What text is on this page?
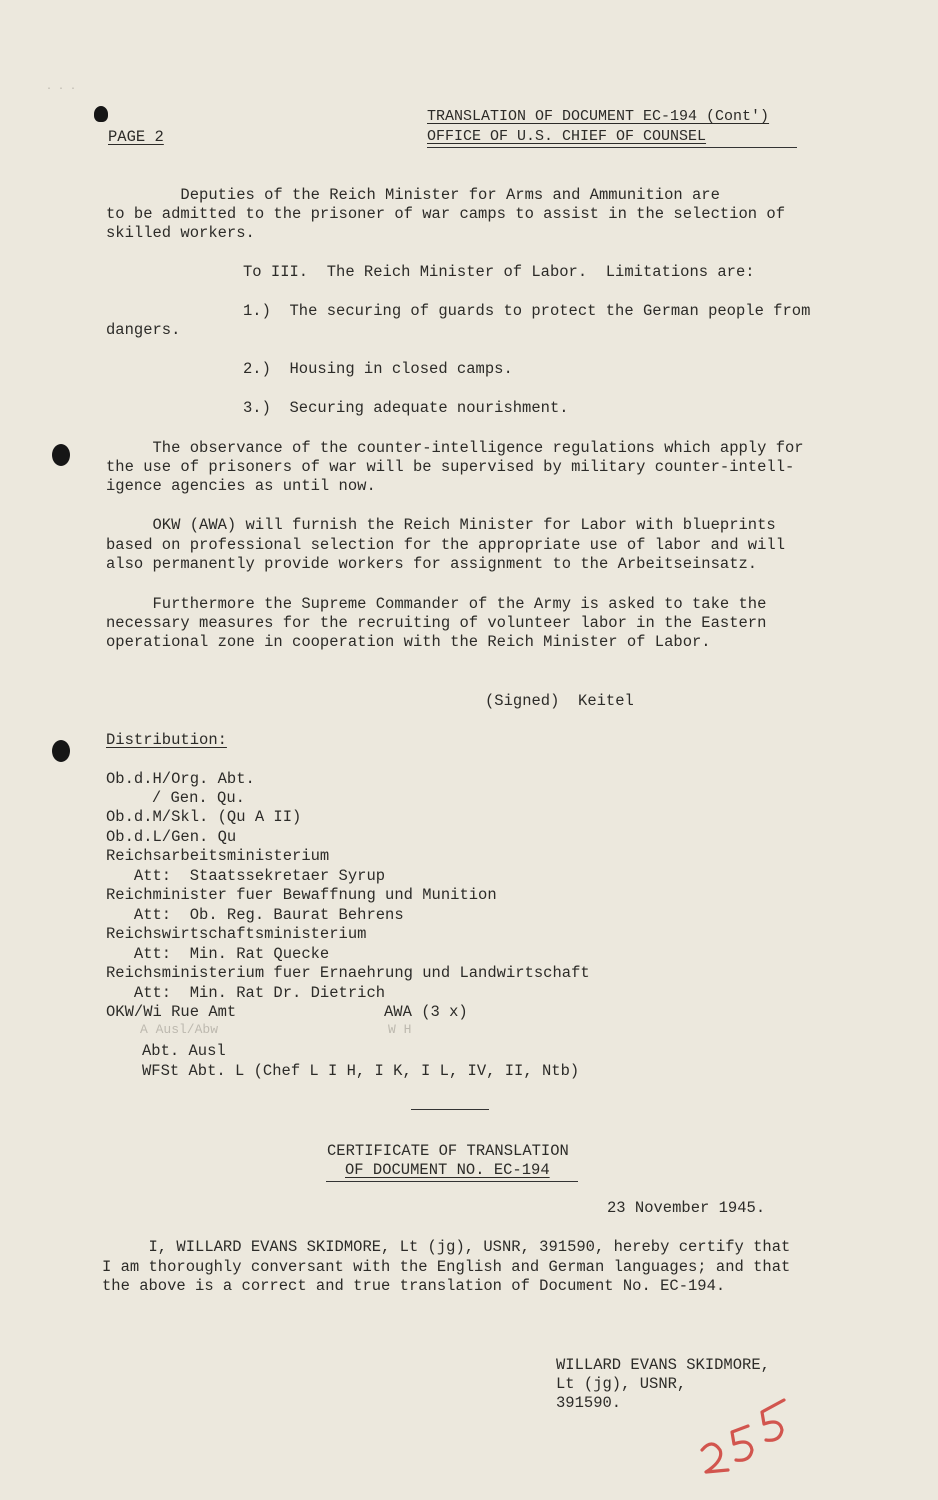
· · ·
PAGE 2
TRANSLATION OF DOCUMENT EC-194 (Cont')
OFFICE OF U.S. CHIEF OF COUNSEL
Deputies of the Reich Minister for Arms and Ammunition are
to be admitted to the prisoner of war camps to assist in the selection of
skilled workers.
To III.  The Reich Minister of Labor.  Limitations are:
1.)  The securing of guards to protect the German people from
dangers.
2.)  Housing in closed camps.
3.)  Securing adequate nourishment.
The observance of the counter-intelligence regulations which apply for
the use of prisoners of war will be supervised by military counter-intell-
igence agencies as until now.
OKW (AWA) will furnish the Reich Minister for Labor with blueprints
based on professional selection for the appropriate use of labor and will
also permanently provide workers for assignment to the Arbeitseinsatz.
Furthermore the Supreme Commander of the Army is asked to take the
necessary measures for the recruiting of volunteer labor in the Eastern
operational zone in cooperation with the Reich Minister of Labor.
(Signed)  Keitel
Distribution:
Ob.d.H/Org. Abt.
/ Gen. Qu.
Ob.d.M/Skl. (Qu A II)
Ob.d.L/Gen. Qu
Reichsarbeitsministerium
Att:  Staatssekretaer Syrup
Reichminister fuer Bewaffnung und Munition
Att:  Ob. Reg. Baurat Behrens
Reichswirtschaftsministerium
Att:  Min. Rat Quecke
Reichsministerium fuer Ernaehrung und Landwirtschaft
Att:  Min. Rat Dr. Dietrich
OKW/Wi Rue Amt	AWA (3 x)
A Ausl/Abw	W H
Abt. Ausl
WFSt Abt. L (Chef L I H, I K, I L, IV, II, Ntb)
CERTIFICATE OF TRANSLATION
OF DOCUMENT NO. EC-194
23 November 1945.
I, WILLARD EVANS SKIDMORE, Lt (jg), USNR, 391590, hereby certify that
I am thoroughly conversant with the English and German languages; and that
the above is a correct and true translation of Document No. EC-194.
WILLARD EVANS SKIDMORE,
Lt (jg), USNR,
391590.
